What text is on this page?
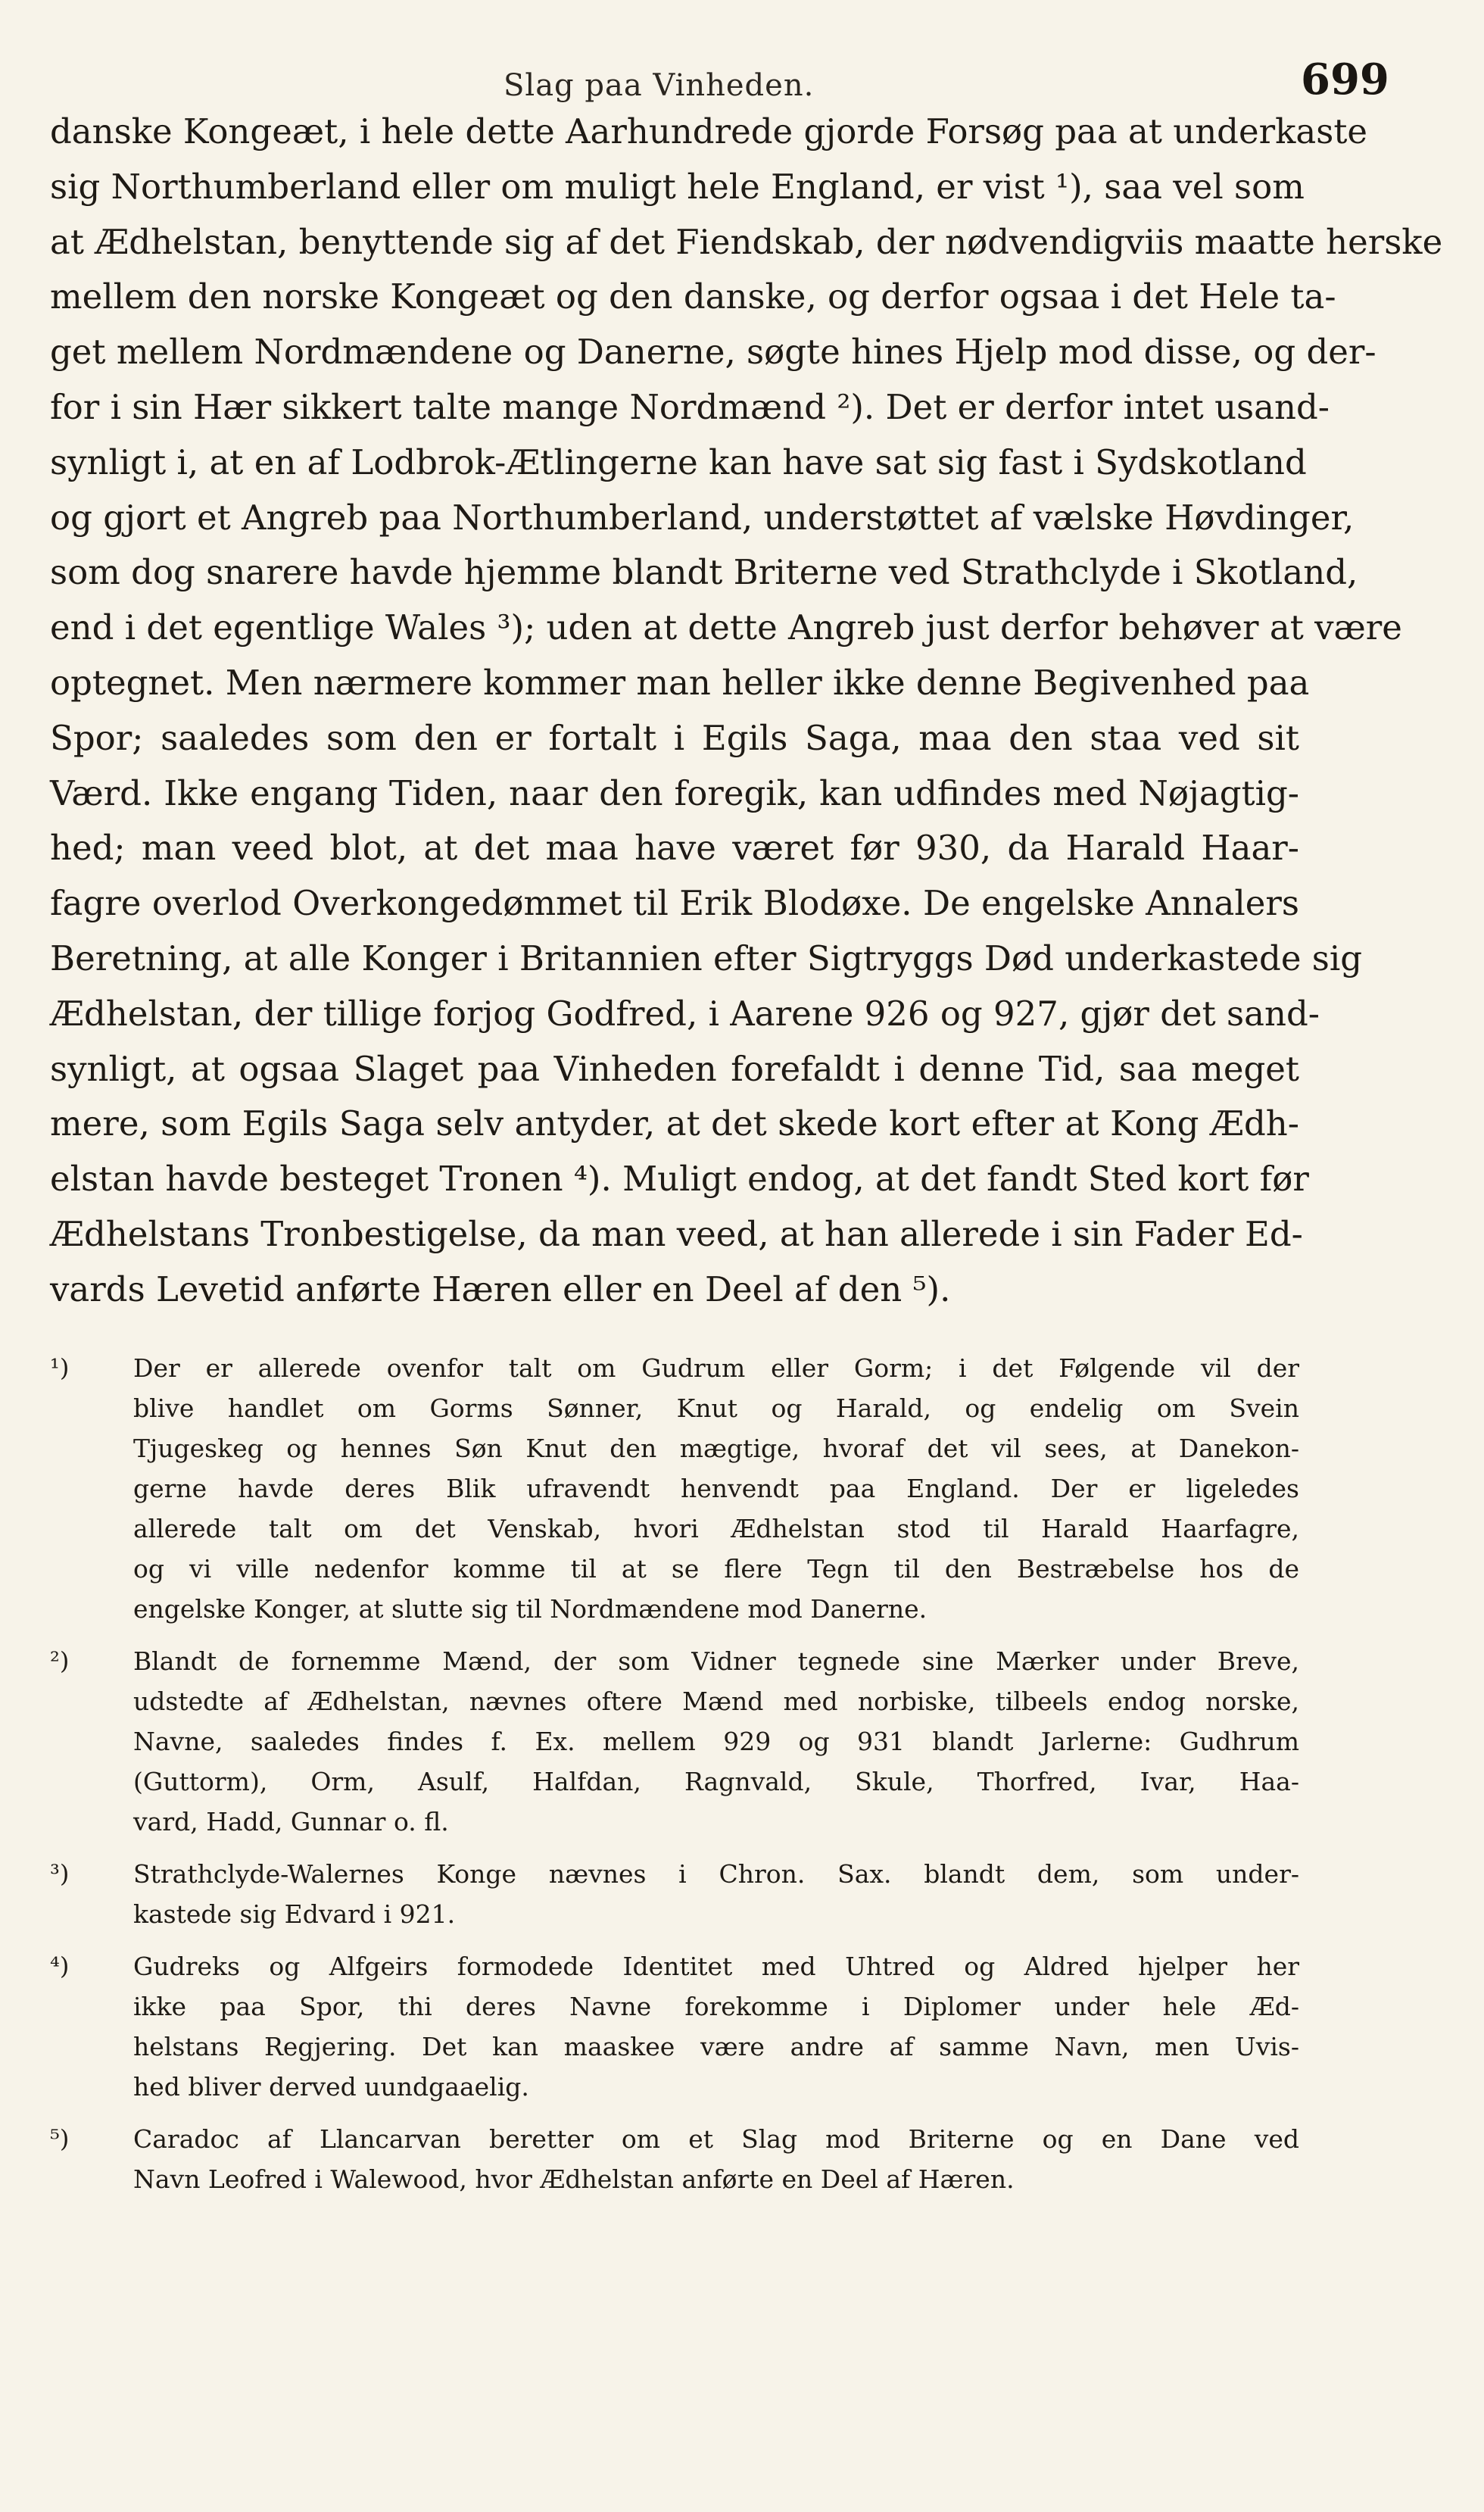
Slag paa Vinheden.	699
danske Kongeæt, i hele dette Aarhundrede gjorde Forsøg paa at underkaste
sig Northumberland eller om muligt hele England, er vist ¹), saa vel som
at Ædhelstan, benyttende sig af det Fiendskab, der nødvendigviis maatte herske
mellem den norske Kongeæt og den danske, og derfor ogsaa i det Hele ta-
get mellem Nordmændene og Danerne, søgte hines Hjelp mod disse, og der-
for i sin Hær sikkert talte mange Nordmænd ²). Det er derfor intet usand-
synligt i, at en af Lodbrok-Ætlingerne kan have sat sig fast i Sydskotland
og gjort et Angreb paa Northumberland, understøttet af vælske Høvdinger,
som dog snarere havde hjemme blandt Briterne ved Strathclyde i Skotland,
end i det egentlige Wales ³); uden at dette Angreb just derfor behøver at være
optegnet. Men nærmere kommer man heller ikke denne Begivenhed paa
Spor; saaledes som den er fortalt i Egils Saga, maa den staa ved sit
Værd. Ikke engang Tiden, naar den foregik, kan udfindes med Nøjagtig-
hed; man veed blot, at det maa have været før 930, da Harald Haar-
fagre overlod Overkongedømmet til Erik Blodøxe. De engelske Annalers
Beretning, at alle Konger i Britannien efter Sigtryggs Død underkastede sig
Ædhelstan, der tillige forjog Godfred, i Aarene 926 og 927, gjør det sand-
synligt, at ogsaa Slaget paa Vinheden forefaldt i denne Tid, saa meget
mere, som Egils Saga selv antyder, at det skede kort efter at Kong Ædh-
elstan havde besteget Tronen ⁴). Muligt endog, at det fandt Sted kort før
Ædhelstans Tronbestigelse, da man veed, at han allerede i sin Fader Ed-
vards Levetid anførte Hæren eller en Deel af den ⁵).
¹)	Der er allerede ovenfor talt om Gudrum eller Gorm; i det Følgende vil der
blive handlet om Gorms Sønner, Knut og Harald, og endelig om Svein
Tjugeskeg og hennes Søn Knut den mægtige, hvoraf det vil sees, at Danekon-
gerne havde deres Blik ufravendt henvendt paa England. Der er ligeledes
allerede talt om det Venskab, hvori Ædhelstan stod til Harald Haarfagre,
og vi ville nedenfor komme til at se flere Tegn til den Bestræbelse hos de
engelske Konger, at slutte sig til Nordmændene mod Danerne.
²)	Blandt de fornemme Mænd, der som Vidner tegnede sine Mærker under Breve,
udstedte af Ædhelstan, nævnes oftere Mænd med norbiske, tilbeels endog norske,
Navne, saaledes findes f. Ex. mellem 929 og 931 blandt Jarlerne: Gudhrum
(Guttorm), Orm, Asulf, Halfdan, Ragnvald, Skule, Thorfred, Ivar, Haa-
vard, Hadd, Gunnar o. fl.
³)	Strathclyde-Walernes Konge nævnes i Chron. Sax. blandt dem, som under-
kastede sig Edvard i 921.
⁴)	Gudreks og Alfgeirs formodede Identitet med Uhtred og Aldred hjelper her
ikke paa Spor, thi deres Navne forekomme i Diplomer under hele Æd-
helstans Regjering. Det kan maaskee være andre af samme Navn, men Uvis-
hed bliver derved uundgaaelig.
⁵)	Caradoc af Llancarvan beretter om et Slag mod Briterne og en Dane ved
Navn Leofred i Walewood, hvor Ædhelstan anførte en Deel af Hæren.
